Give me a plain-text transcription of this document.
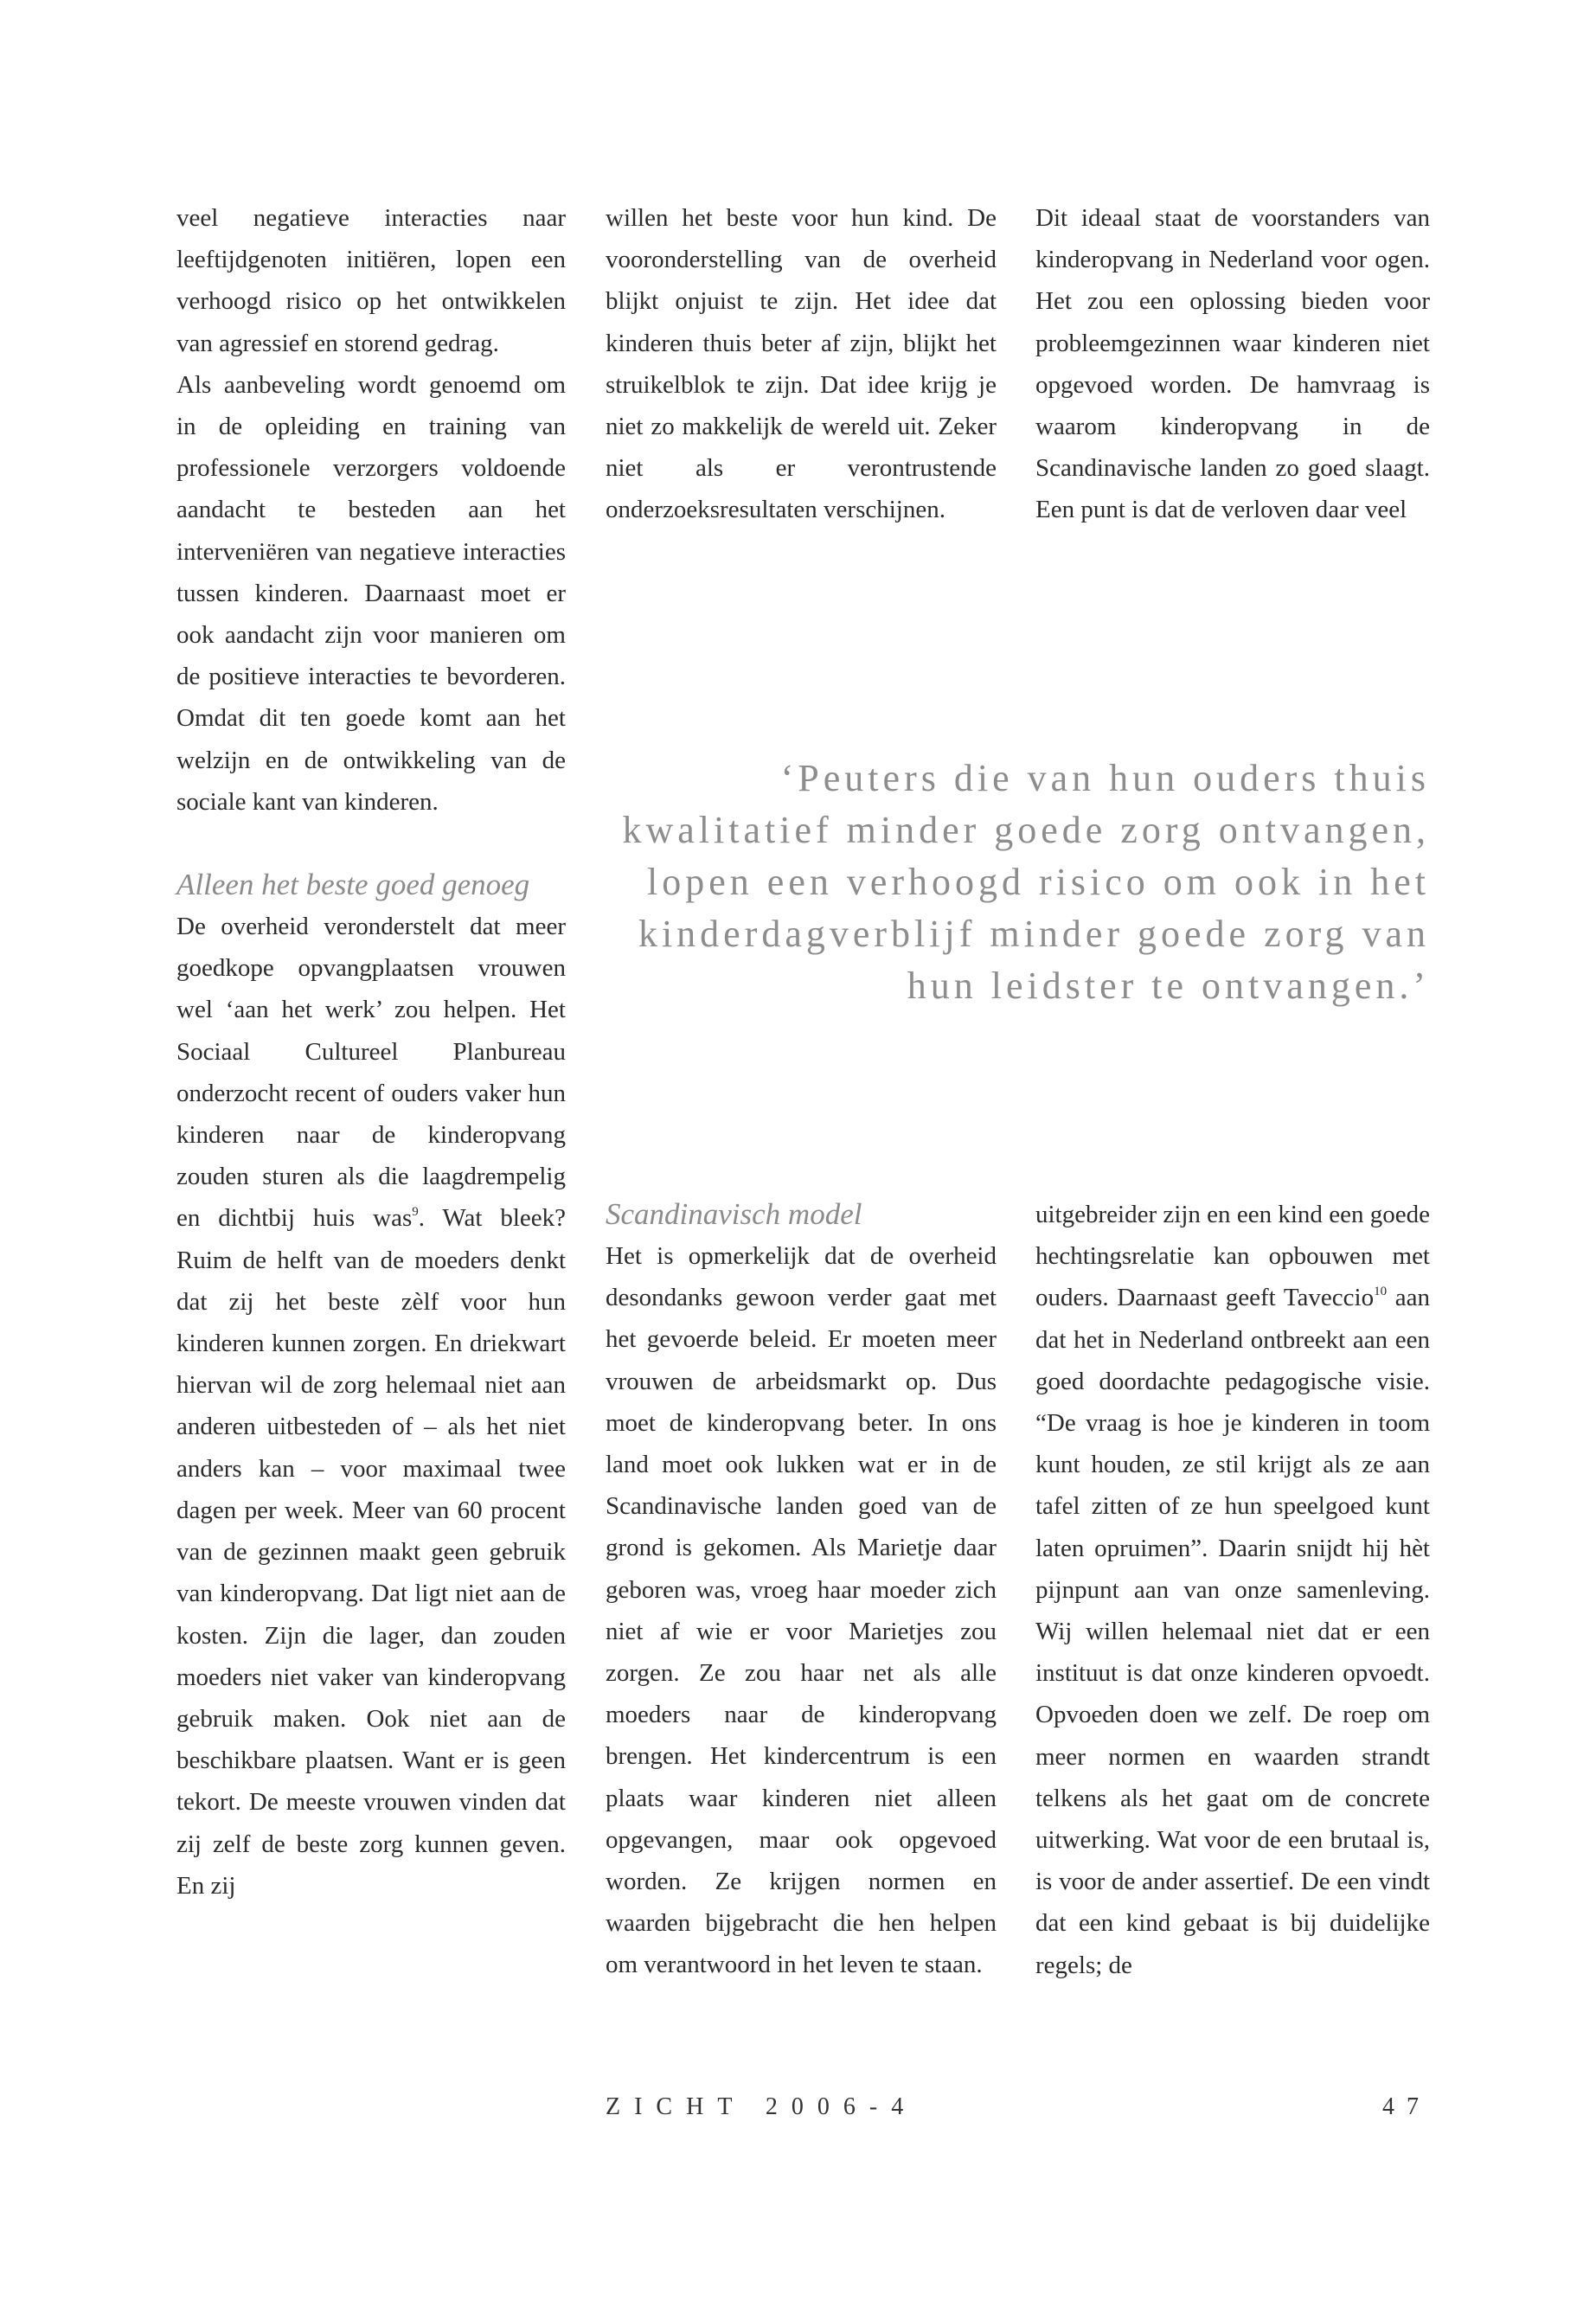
veel negatieve interacties naar leeftijdgenoten initiëren, lopen een verhoogd risico op het ontwikkelen van agressief en storend gedrag.

Als aanbeveling wordt genoemd om in de opleiding en training van professionele verzorgers voldoende aandacht te besteden aan het interveniëren van negatieve interacties tussen kinderen. Daarnaast moet er ook aandacht zijn voor manieren om de positieve interacties te bevorderen. Omdat dit ten goede komt aan het welzijn en de ontwikkeling van de sociale kant van kinderen.

Alleen het beste goed genoeg

De overheid veronderstelt dat meer goedkope opvangplaatsen vrouwen wel ‘aan het werk’ zou helpen. Het Sociaal Cultureel Planbureau onderzocht recent of ouders vaker hun kinderen naar de kinderopvang zouden sturen als die laagdrempelig en dichtbij huis was$^9$. Wat bleek? Ruim de helft van de moeders denkt dat zij het beste zèlf voor hun kinderen kunnen zorgen. En driekwart hiervan wil de zorg helemaal niet aan anderen uitbesteden of – als het niet anders kan – voor maximaal twee dagen per week. Meer van 60 procent van de gezinnen maakt geen gebruik van kinderopvang. Dat ligt niet aan de kosten. Zijn die lager, dan zouden moeders niet vaker van kinderopvang gebruik maken. Ook niet aan de beschikbare plaatsen. Want er is geen tekort. De meeste vrouwen vinden dat zij zelf de beste zorg kunnen geven. En zij

willen het beste voor hun kind. De vooronderstelling van de overheid blijkt onjuist te zijn. Het idee dat kinderen thuis beter af zijn, blijkt het struikelblok te zijn. Dat idee krijg je niet zo makkelijk de wereld uit. Zeker niet als er verontrustende onderzoeksresultaten verschijnen.

Dit ideaal staat de voorstanders van kinderopvang in Nederland voor ogen. Het zou een oplossing bieden voor probleemgezinnen waar kinderen niet opgevoed worden. De hamvraag is waarom kinderopvang in de Scandinavische landen zo goed slaagt. Een punt is dat de verloven daar veel

‘Peuters die van hun ouders thuis kwalitatief minder goede zorg ontvangen, lopen een verhoogd risico om ook in het kinderdagverblijf minder goede zorg van hun leidster te ontvangen.’

Scandinavisch model

Het is opmerkelijk dat de overheid desondanks gewoon verder gaat met het gevoerde beleid. Er moeten meer vrouwen de arbeidsmarkt op. Dus moet de kinderopvang beter. In ons land moet ook lukken wat er in de Scandinavische landen goed van de grond is gekomen. Als Marietje daar geboren was, vroeg haar moeder zich niet af wie er voor Marietjes zou zorgen. Ze zou haar net als alle moeders naar de kinderopvang brengen. Het kindercentrum is een plaats waar kinderen niet alleen opgevangen, maar ook opgevoed worden. Ze krijgen normen en waarden bijgebracht die hen helpen om verantwoord in het leven te staan.

uitgebreider zijn en een kind een goede hechtingsrelatie kan opbouwen met ouders. Daarnaast geeft Taveccio$^{10}$ aan dat het in Nederland ontbreekt aan een goed doordachte pedagogische visie. “De vraag is hoe je kinderen in toom kunt houden, ze stil krijgt als ze aan tafel zitten of ze hun speelgoed kunt laten opruimen”. Daarin snijdt hij hèt pijnpunt aan van onze samenleving. Wij willen helemaal niet dat er een instituut is dat onze kinderen opvoedt. Opvoeden doen we zelf. De roep om meer normen en waarden strandt telkens als het gaat om de concrete uitwerking. Wat voor de een brutaal is, is voor de ander assertief. De een vindt dat een kind gebaat is bij duidelijke regels; de

ZICHT 2006-4	47
